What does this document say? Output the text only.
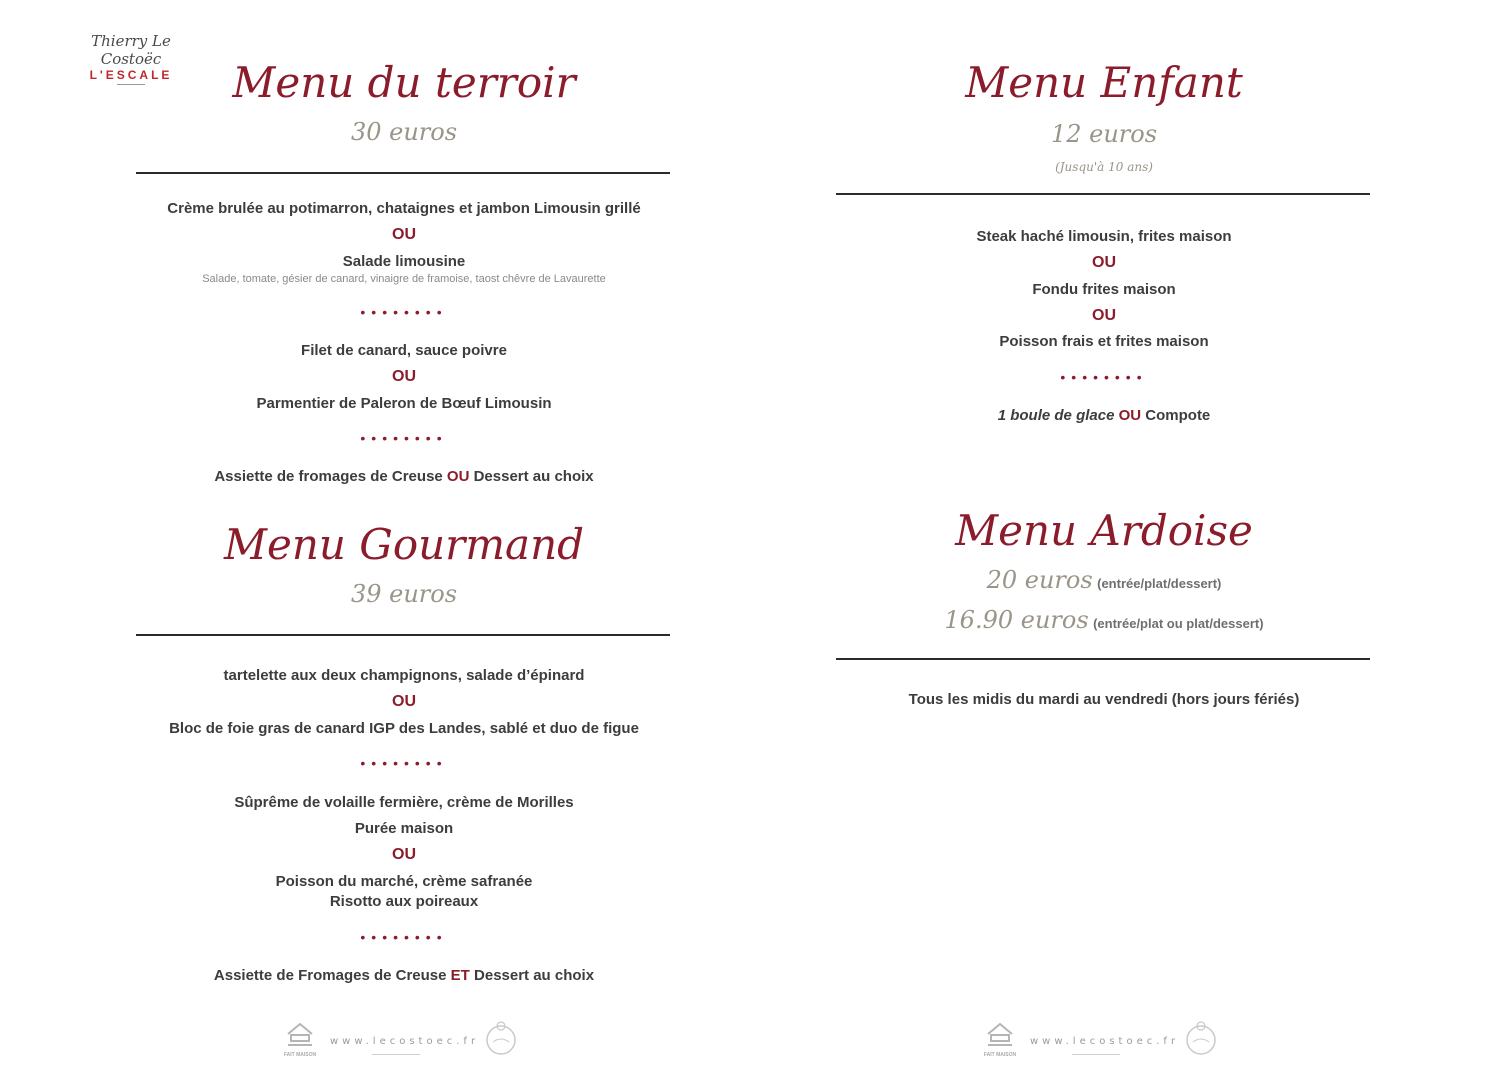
Thierry Le Costoëc
L'ESCALE	Menu du terroir
30 euros
Crème brulée au potimarron, chataignes et jambon Limousin grillé
OU
Salade limousine
Salade, tomate, gésier de canard, vinaigre de framoise, taost chêvre de Lavaurette
••••••••
Filet de canard, sauce poivre
OU
Parmentier de Paleron de Bœuf Limousin
••••••••
Assiette de fromages de Creuse OU Dessert au choix
Menu Gourmand
39 euros
tartelette aux deux champignons, salade d’épinard
OU
Bloc de foie gras de canard IGP des Landes, sablé et duo de figue
••••••••
Sûprême de volaille fermière, crème de Morilles
Purée maison
OU
Poisson du marché, crème safranée
Risotto aux poireaux
••••••••
Assiette de Fromages de Creuse ET Dessert au choix
FAIT MAISON
www.lecostoec.fr
Menu Enfant
12 euros
(Jusqu'à 10 ans)
Steak haché limousin, frites maison
OU
Fondu frites maison
OU
Poisson frais et frites maison
••••••••
1 boule de glace OU Compote
Menu Ardoise
20 euros (entrée/plat/dessert)
16.90 euros (entrée/plat ou plat/dessert)
Tous les midis du mardi au vendredi (hors jours fériés)
FAIT MAISON
www.lecostoec.fr
